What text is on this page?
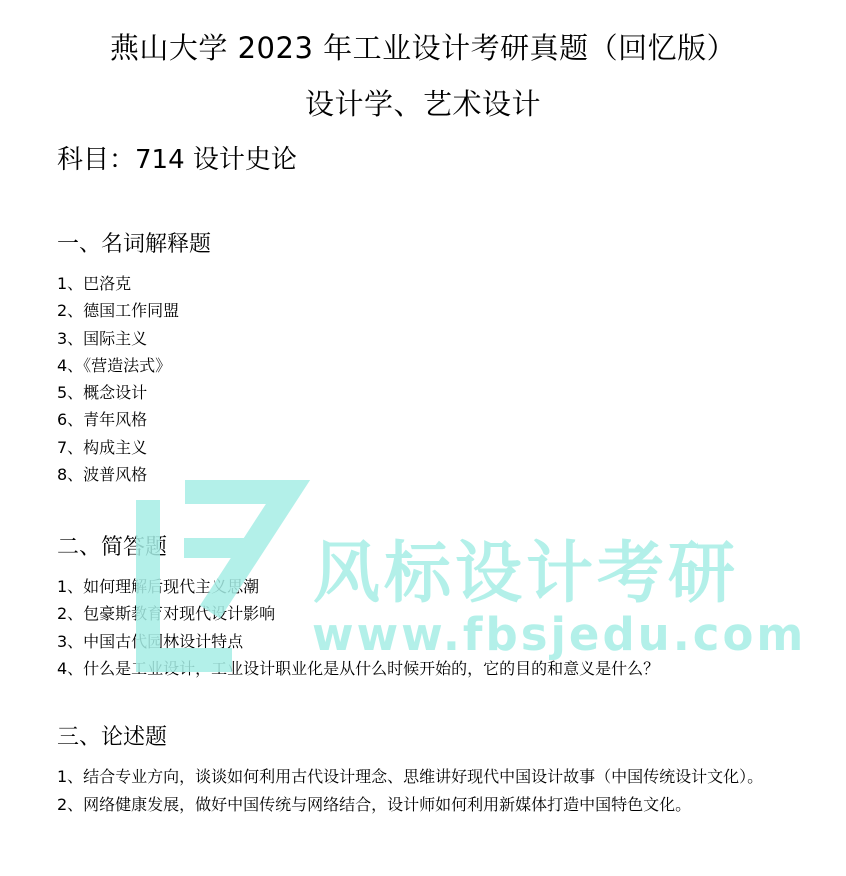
燕山大学 2023 年工业设计考研真题（回忆版）
设计学、艺术设计
科目：714 设计史论
一、名词解释题
1、巴洛克
2、德国工作同盟
3、国际主义
4、《营造法式》
5、概念设计
6、青年风格
7、构成主义
8、波普风格
二、简答题
1、如何理解后现代主义思潮
2、包豪斯教育对现代设计影响
3、中国古代园林设计特点
4、什么是工业设计，工业设计职业化是从什么时候开始的，它的目的和意义是什么？
三、论述题
1、结合专业方向，谈谈如何利用古代设计理念、思维讲好现代中国设计故事（中国传统设计文化）。
2、网络健康发展，做好中国传统与网络结合，设计师如何利用新媒体打造中国特色文化。
风标设计考研
www.fbsjedu.com
